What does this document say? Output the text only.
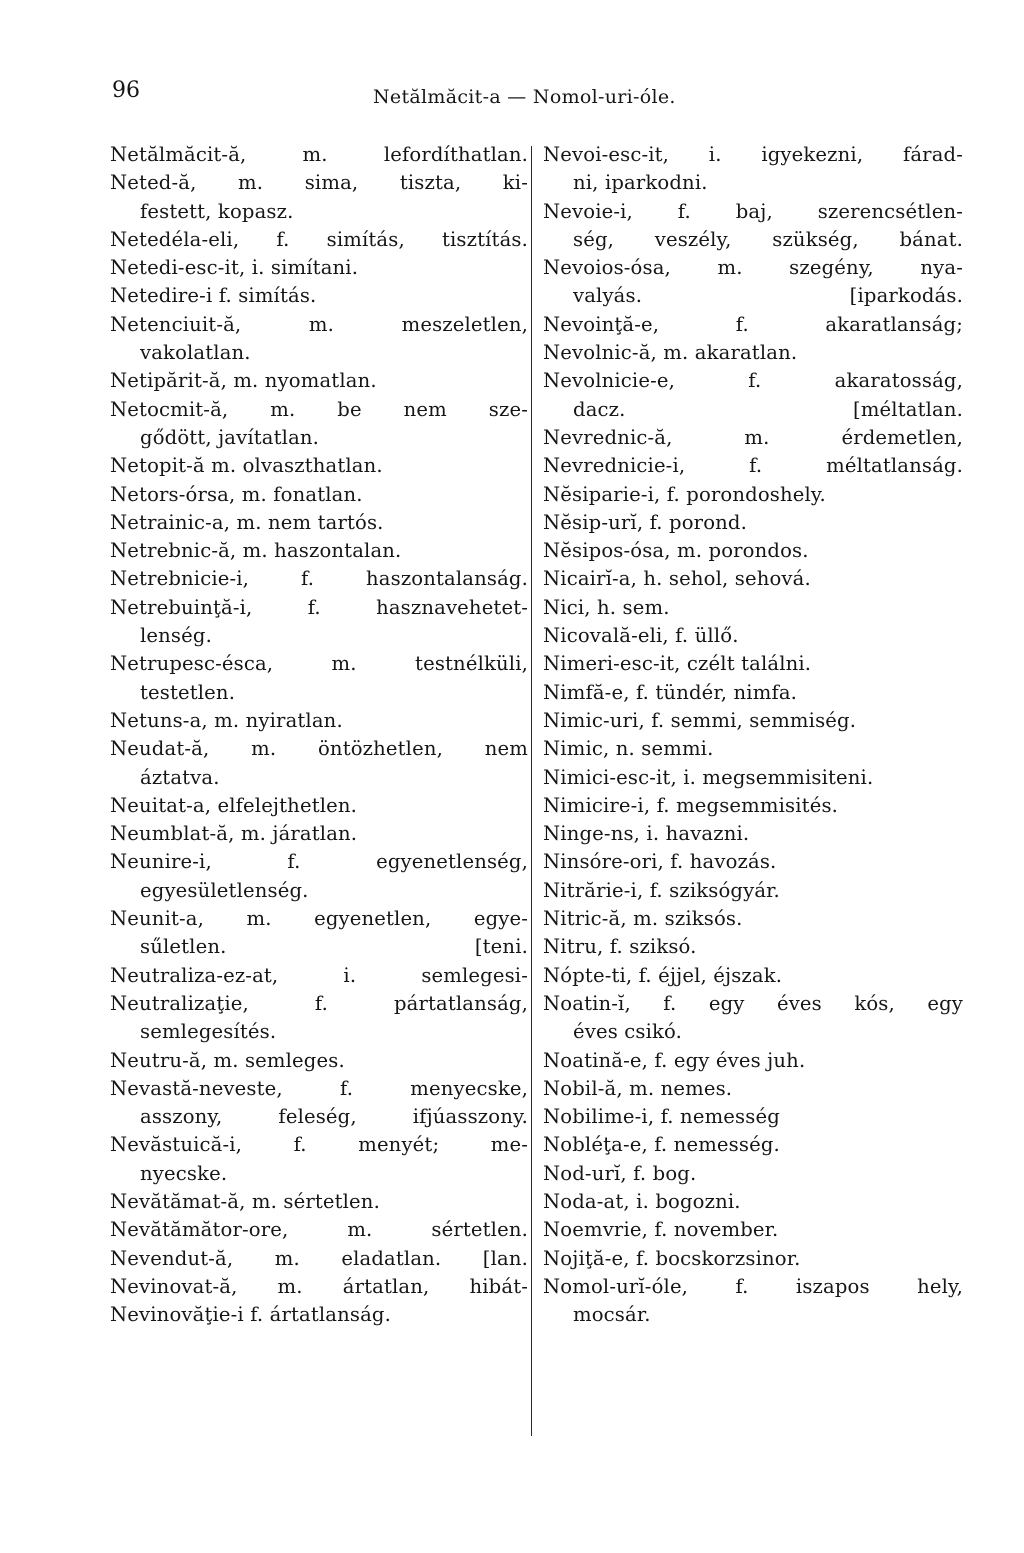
96	Netălmăcit-a — Nomol-uri-óle.
Netălmăcit-ă, m. lefordíthatlan.
Neted-ă, m. sima, tiszta, ki-
festett, kopasz.
Netedéla-eli, f. simítás, tisztítás.
Netedi-esc-it, i. simítani.
Netedire-i f. simítás.
Netenciuit-ă, m. meszeletlen,
vakolatlan.
Netipărit-ă, m. nyomatlan.
Netocmit-ă, m. be nem sze-
gődött, javítatlan.
Netopit-ă m. olvaszthatlan.
Netors-órsa, m. fonatlan.
Netrainic-a, m. nem tartós.
Netrebnic-ă, m. haszontalan.
Netrebnicie-i, f. haszontalanság.
Netrebuinţă-i, f. hasznavehetet-
lenség.
Netrupesc-ésca, m. testnélküli,
testetlen.
Netuns-a, m. nyiratlan.
Neudat-ă, m. öntözhetlen, nem
áztatva.
Neuitat-a, elfelejthetlen.
Neumblat-ă, m. járatlan.
Neunire-i, f. egyenetlenség,
egyesületlenség.
Neunit-a, m. egyenetlen, egye-
sűletlen. [teni.
Neutraliza-ez-at, i. semlegesi-
Neutralizaţie, f. pártatlanság,
semlegesítés.
Neutru-ă, m. semleges.
Nevastă-neveste, f. menyecske,
asszony, feleség, ifjúasszony.
Nevăstuică-i, f. menyét; me-
nyecske.
Nevătămat-ă, m. sértetlen.
Nevătămător-ore, m. sértetlen.
Nevendut-ă, m. eladatlan. [lan.
Nevinovat-ă, m. ártatlan, hibát-
Nevinovăţie-i f. ártatlanság.
Nevoi-esc-it, i. igyekezni, fárad-
ni, iparkodni.
Nevoie-i, f. baj, szerencsétlen-
ség, veszély, szükség, bánat.
Nevoios-ósa, m. szegény, nya-
valyás. [iparkodás.
Nevoinţă-e, f. akaratlanság;
Nevolnic-ă, m. akaratlan.
Nevolnicie-e, f. akaratosság,
dacz. [méltatlan.
Nevrednic-ă, m. érdemetlen,
Nevrednicie-i, f. méltatlanság.
Nĕsiparie-i, f. porondoshely.
Nĕsip-urĭ, f. porond.
Nĕsipos-ósa, m. porondos.
Nicairĭ-a, h. sehol, sehová.
Nici, h. sem.
Nicovală-eli, f. üllő.
Nimeri-esc-it, czélt találni.
Nimfă-e, f. tündér, nimfa.
Nimic-uri, f. semmi, semmiség.
Nimic, n. semmi.
Nimici-esc-it, i. megsemmisiteni.
Nimicire-i, f. megsemmisités.
Ninge-ns, i. havazni.
Ninsóre-ori, f. havozás.
Nitrărie-i, f. sziksógyár.
Nitric-ă, m. sziksós.
Nitru, f. sziksó.
Nópte-ti, f. éjjel, éjszak.
Noatin-ĭ, f. egy éves kós, egy
éves csikó.
Noatină-e, f. egy éves juh.
Nobil-ă, m. nemes.
Nobilime-i, f. nemesség
Nobléţa-e, f. nemesség.
Nod-urĭ, f. bog.
Noda-at, i. bogozni.
Noemvrie, f. november.
Nojiţă-e, f. bocskorzsinor.
Nomol-urĭ-óle, f. iszapos hely,
mocsár.
